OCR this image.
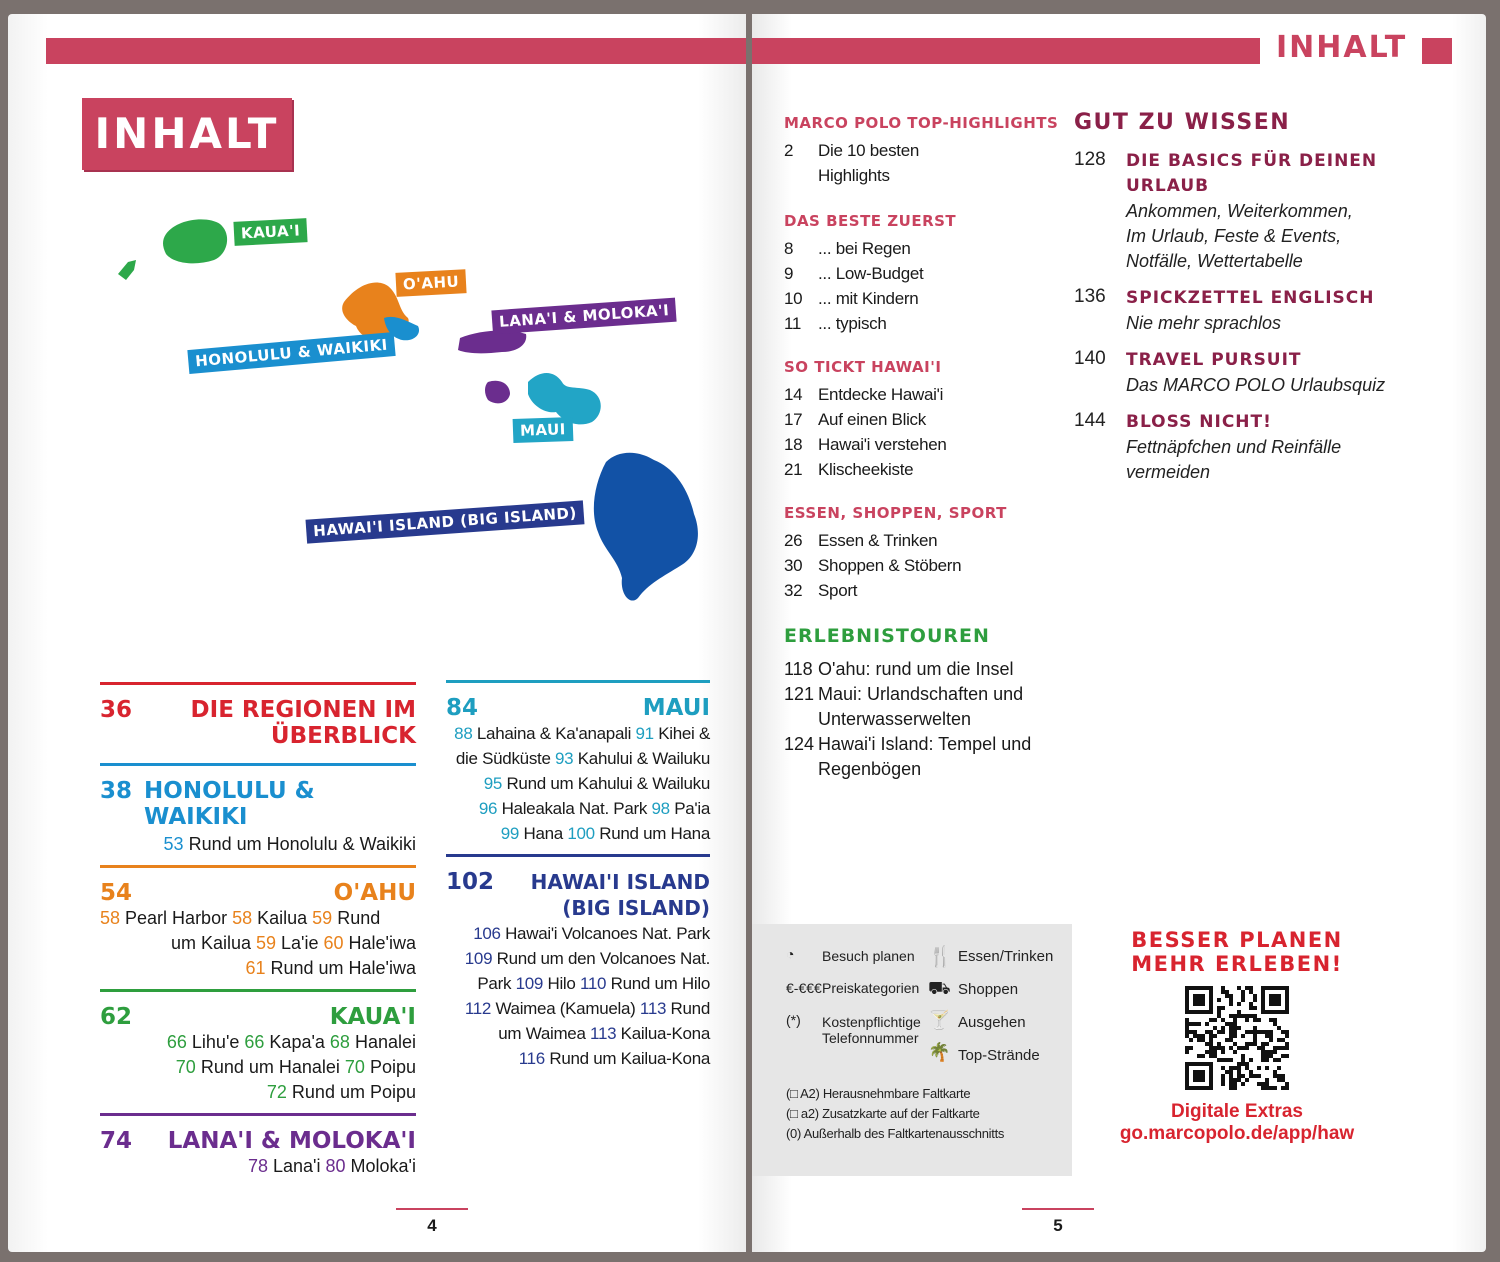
INHALT
KAUA'I
O'AHU
HONOLULU & WAIKIKI
LANA'I & MOLOKA'I
MAUI
HAWAI'I ISLAND (BIG ISLAND)
36	DIE REGIONEN IM
ÜBERBLICK
38 HONOLULU & WAIKIKI
53 Rund um Honolulu & Waikiki
54	O'AHU
58 Pearl Harbor 58 Kailua 59 Rund
um Kailua 59 La'ie 60 Hale'iwa
61 Rund um Hale'iwa
62	KAUA'I
66 Lihu'e 66 Kapa'a 68 Hanalei
70 Rund um Hanalei 70 Poipu
72 Rund um Poipu
74 LANA'I & MOLOKA'I
78 Lana'i 80 Moloka'i
84	MAUI
88 Lahaina & Ka'anapali 91 Kihei &
die Südküste 93 Kahului & Wailuku
95 Rund um Kahului & Wailuku
96 Haleakala Nat. Park 98 Pa'ia
99 Hana 100 Rund um Hana
102 HAWAI'I ISLAND
(BIG ISLAND)
106 Hawai'i Volcanoes Nat. Park
109 Rund um den Volcanoes Nat.
Park 109 Hilo 110 Rund um Hilo
112 Waimea (Kamuela) 113 Rund
um Waimea 113 Kailua-Kona
116 Rund um Kailua-Kona
4
INHALT
MARCO POLO TOP-HIGHLIGHTS
2	Die 10 besten
Highlights
DAS BESTE ZUERST
8	... bei Regen
9	... Low-Budget
10 ... mit Kindern
11 ... typisch
SO TICKT HAWAI'I
14 Entdecke Hawai'i
17 Auf einen Blick
18 Hawai'i verstehen
21 Klischeekiste
ESSEN, SHOPPEN, SPORT
26 Essen & Trinken
30 Shoppen & Stöbern
32 Sport
ERLEBNISTOUREN
118 O'ahu: rund um die Insel
121 Maui: Urlandschaften und
Unterwasserwelten
124 Hawai'i Island: Tempel und
Regenbögen
GUT ZU WISSEN
128	DIE BASICS FÜR DEINEN
URLAUB
Ankommen, Weiterkommen,
Im Urlaub, Feste & Events,
Notfälle, Wettertabelle
136	SPICKZETTEL ENGLISCH
Nie mehr sprachlos
140	TRAVEL PURSUIT
Das MARCO POLO Urlaubsquiz
144	BLOSS NICHT!
Fettnäpfchen und Reinfälle
vermeiden
◔ Besuch planen
€-€€€ Preiskategorien
(*) Kostenpflichtige
Telefonnummer
🍴 Essen/Trinken
⛟ Shoppen
🍸 Ausgehen
🌴 Top-Strände
(□ A2) Herausnehmbare Faltkarte
(□ a2) Zusatzkarte auf der Faltkarte
(0) Außerhalb des Faltkartenausschnitts
BESSER PLANEN
MEHR ERLEBEN!
Digitale Extras
go.marcopolo.de/app/haw
5
